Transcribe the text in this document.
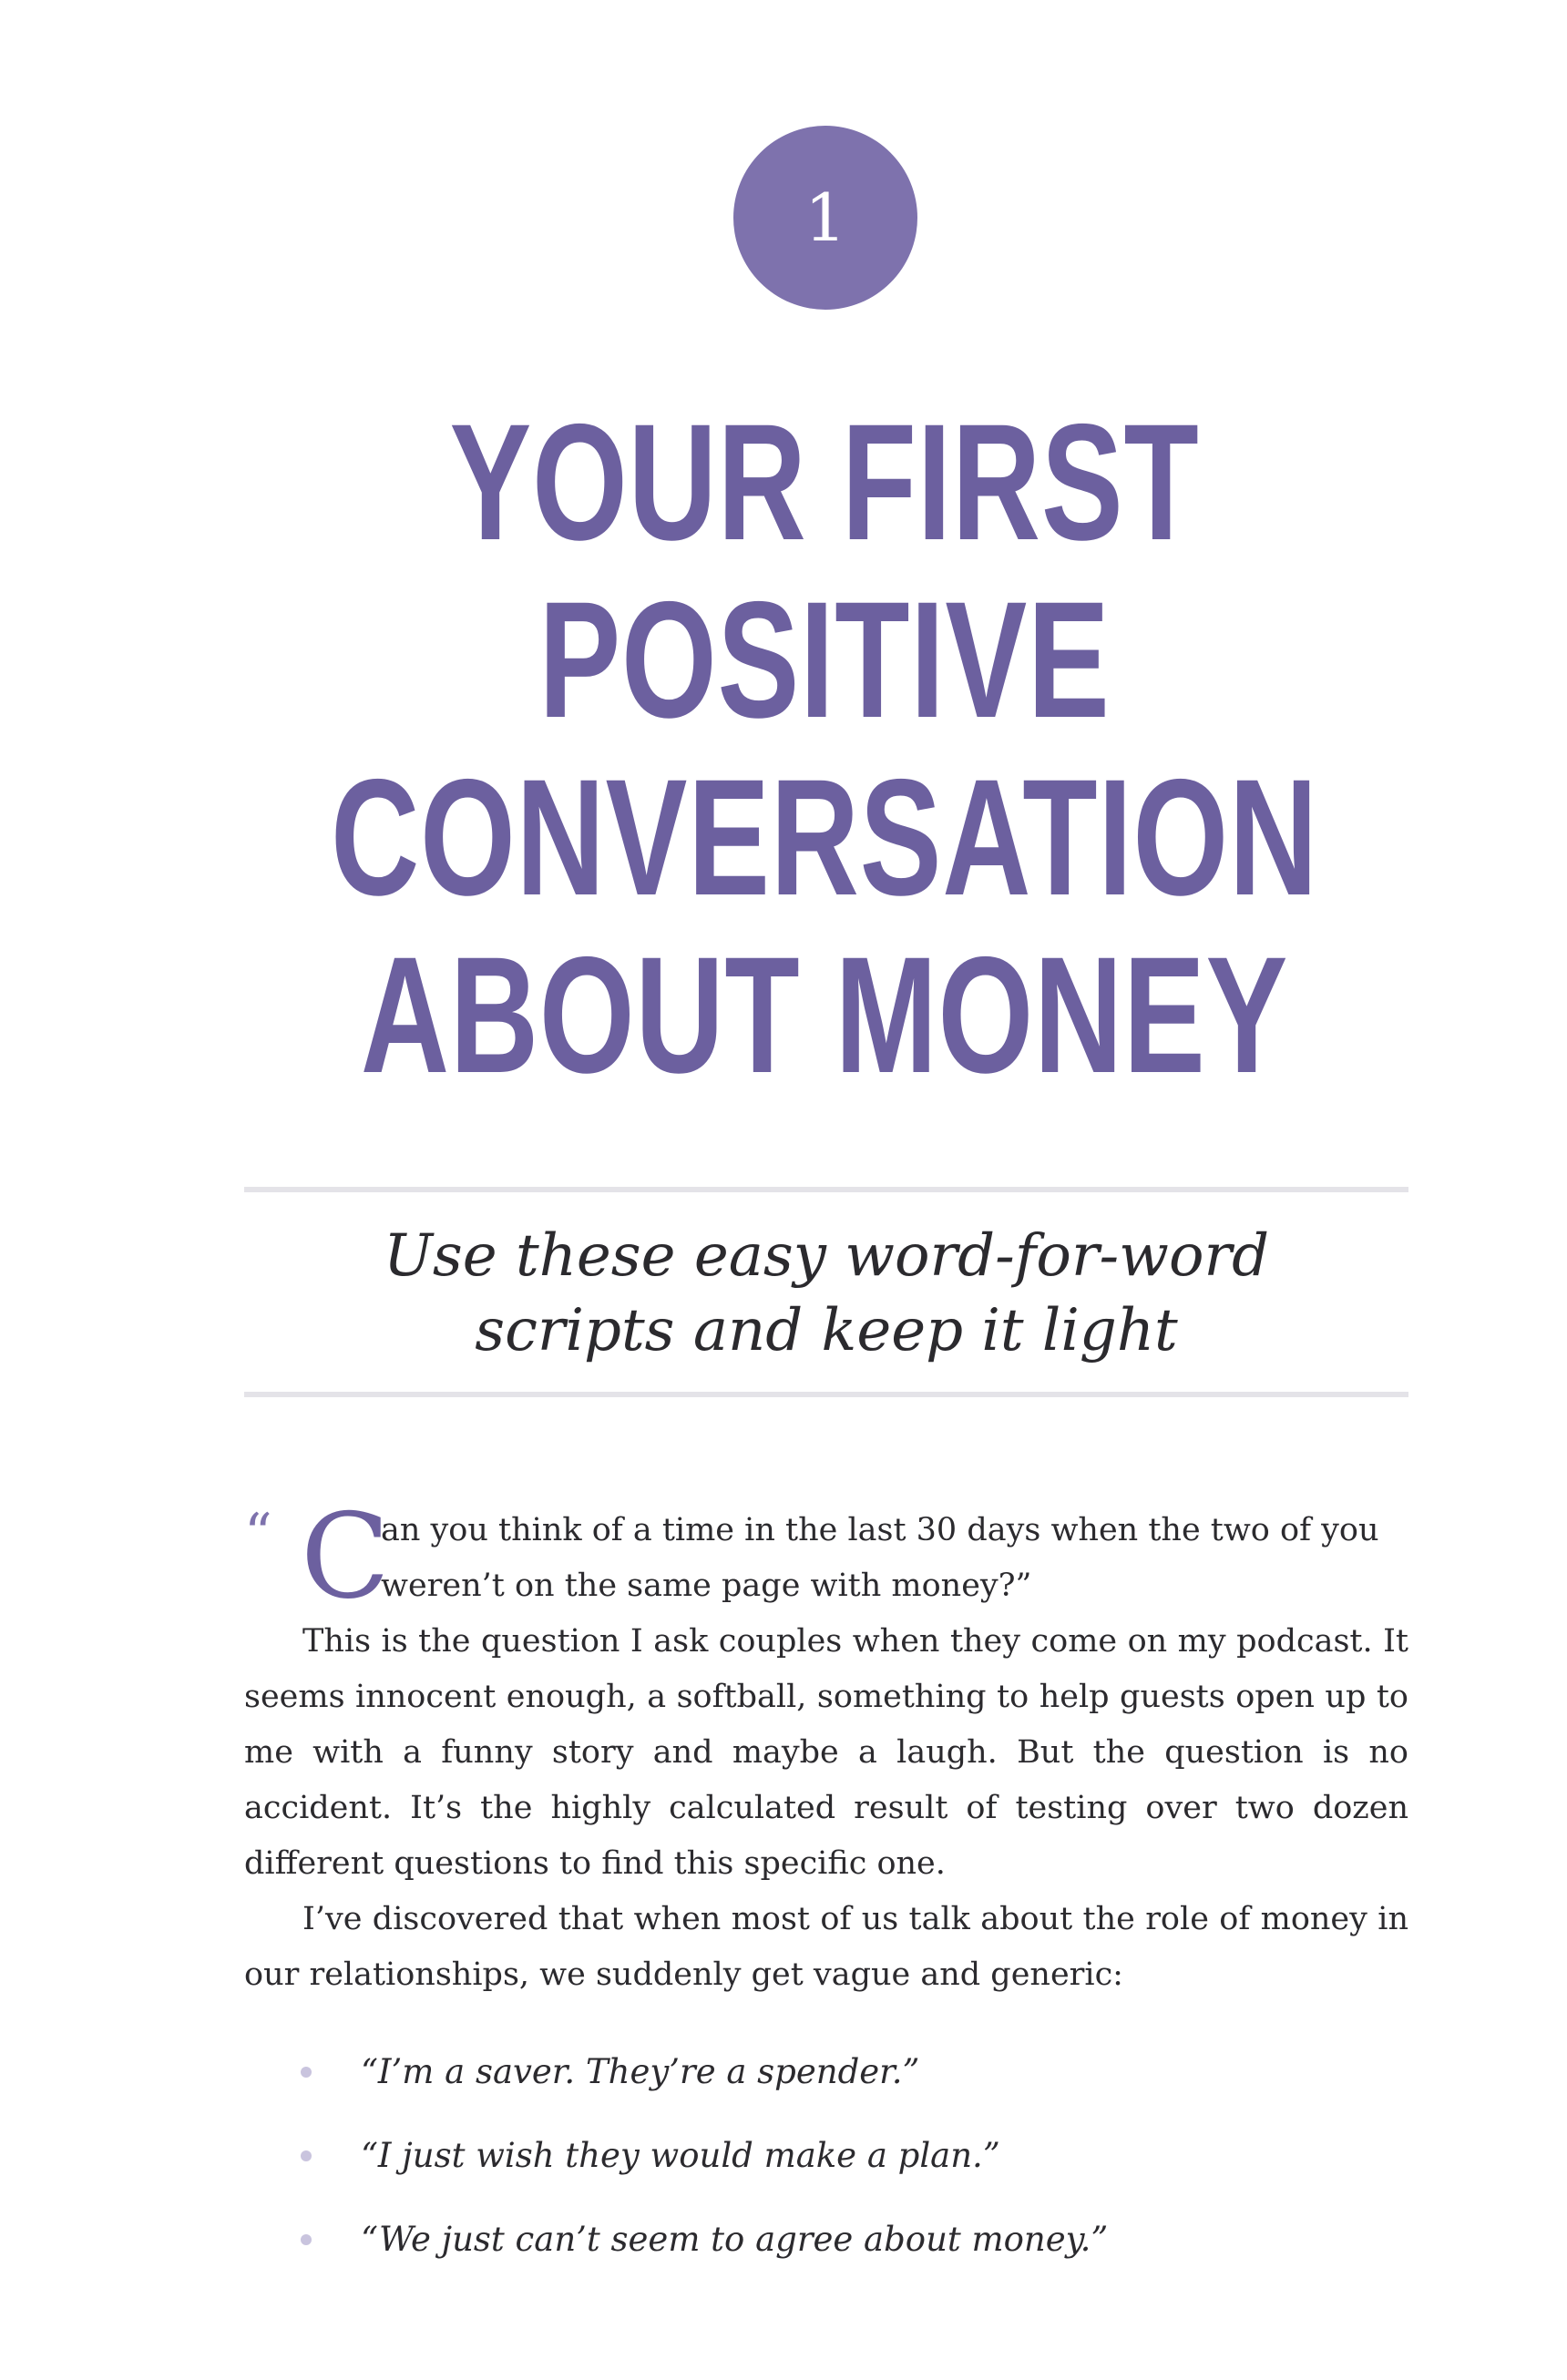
1
YOUR FIRST
POSITIVE
CONVERSATION
ABOUT MONEY
Use these easy word-for-word
scripts and keep it light
“ C
an you think of a time in the last 30 days when the two of you
weren’t on the same page with money?”

This is the question I ask couples when they come on my podcast. It seems innocent enough, a softball, something to help guests open up to me with a funny story and maybe a laugh. But the question is no accident. It’s the highly calculated result of testing over two dozen different questions to find this specific one.

I’ve discovered that when most of us talk about the role of money in our relationships, we suddenly get vague and generic:

“I’m a saver. They’re a spender.”
“I just wish they would make a plan.”
“We just can’t seem to agree about money.”
